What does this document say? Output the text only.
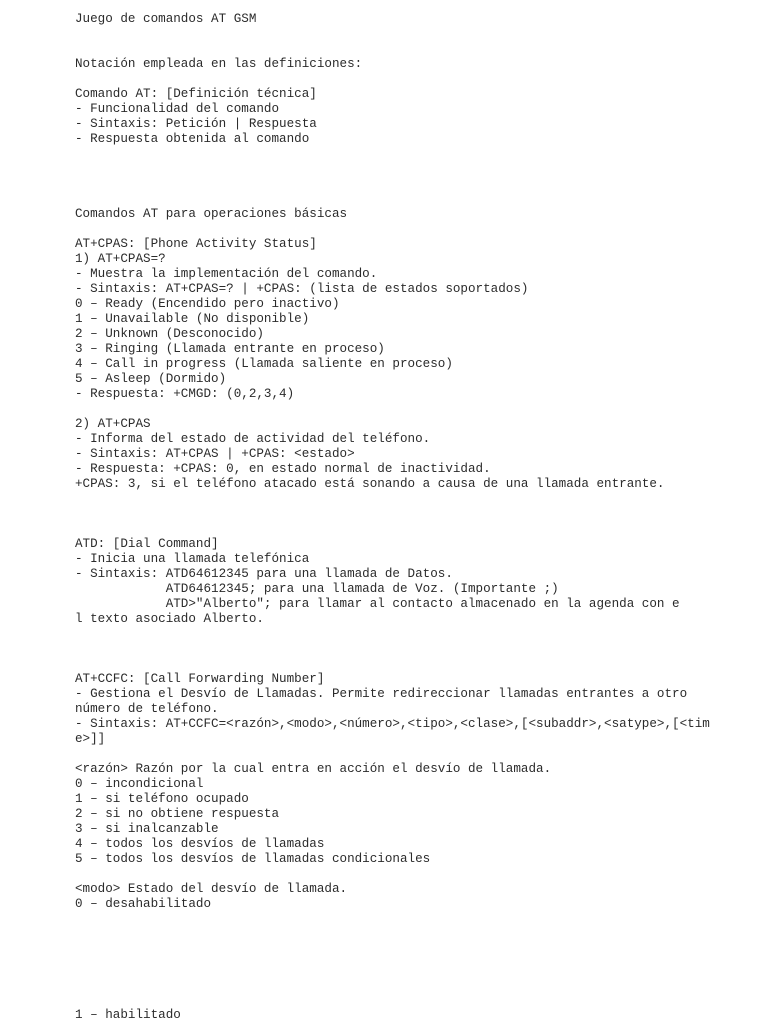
Juego de comandos AT GSM
Notación empleada en las definiciones:
Comando AT: [Definición técnica]
- Funcionalidad del comando
- Sintaxis: Petición | Respuesta
- Respuesta obtenida al comando
Comandos AT para operaciones básicas
AT+CPAS: [Phone Activity Status]
1) AT+CPAS=?
- Muestra la implementación del comando.
- Sintaxis: AT+CPAS=? | +CPAS: (lista de estados soportados)
0 – Ready (Encendido pero inactivo)
1 – Unavailable (No disponible)
2 – Unknown (Desconocido)
3 – Ringing (Llamada entrante en proceso)
4 – Call in progress (Llamada saliente en proceso)
5 – Asleep (Dormido)
- Respuesta: +CMGD: (0,2,3,4)
2) AT+CPAS
- Informa del estado de actividad del teléfono.
- Sintaxis: AT+CPAS | +CPAS: <estado>
- Respuesta: +CPAS: 0, en estado normal de inactividad.
+CPAS: 3, si el teléfono atacado está sonando a causa de una llamada entrante.
ATD: [Dial Command]
- Inicia una llamada telefónica
- Sintaxis: ATD64612345 para una llamada de Datos.
ATD64612345; para una llamada de Voz. (Importante ;)
ATD>"Alberto"; para llamar al contacto almacenado en la agenda con e
l texto asociado Alberto.
AT+CCFC: [Call Forwarding Number]
- Gestiona el Desvío de Llamadas. Permite redireccionar llamadas entrantes a otro
número de teléfono.
- Sintaxis: AT+CCFC=<razón>,<modo>,<número>,<tipo>,<clase>,[<subaddr>,<satype>,[<tim
e>]]
<razón> Razón por la cual entra en acción el desvío de llamada.
0 – incondicional
1 – si teléfono ocupado
2 – si no obtiene respuesta
3 – si inalcanzable
4 – todos los desvíos de llamadas
5 – todos los desvíos de llamadas condicionales
<modo> Estado del desvío de llamada.
0 – desahabilitado
1 – habilitado
